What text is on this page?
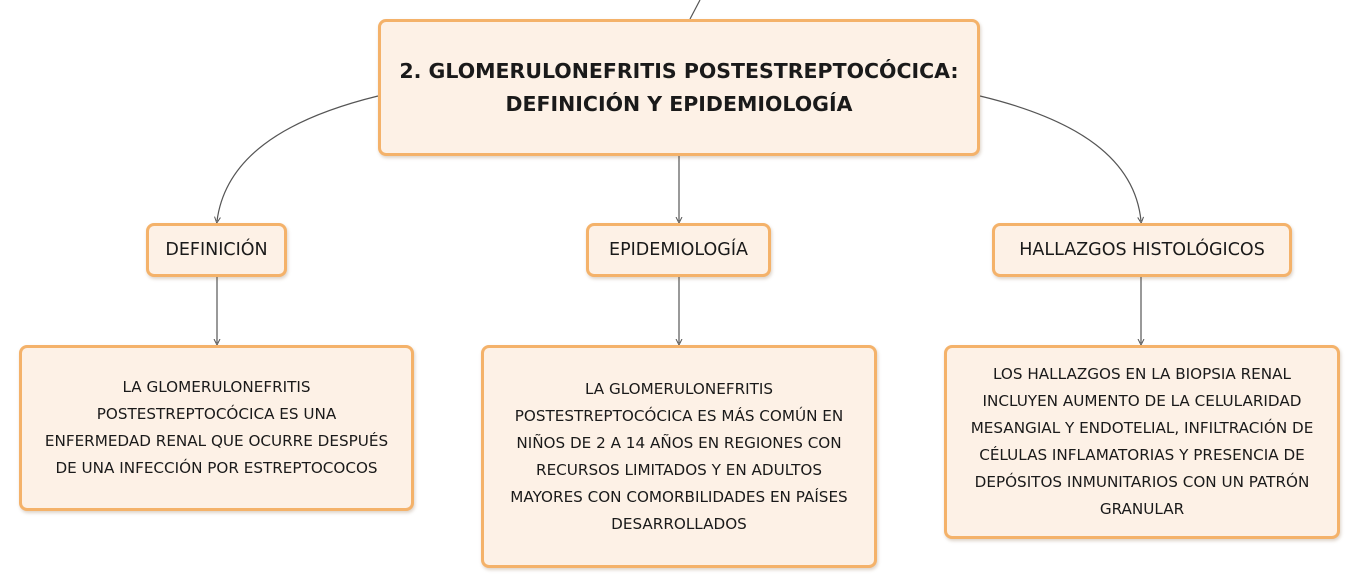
2. GLOMERULONEFRITIS POSTESTREPTOCÓCICA:
DEFINICIÓN Y EPIDEMIOLOGÍA
DEFINICIÓN	EPIDEMIOLOGÍA	HALLAZGOS HISTOLÓGICOS
LA GLOMERULONEFRITIS
POSTESTREPTOCÓCICA ES UNA
ENFERMEDAD RENAL QUE OCURRE DESPUÉS
DE UNA INFECCIÓN POR ESTREPTOCOCOS
LA GLOMERULONEFRITIS
POSTESTREPTOCÓCICA ES MÁS COMÚN EN
NIÑOS DE 2 A 14 AÑOS EN REGIONES CON
RECURSOS LIMITADOS Y EN ADULTOS
MAYORES CON COMORBILIDADES EN PAÍSES
DESARROLLADOS
LOS HALLAZGOS EN LA BIOPSIA RENAL
INCLUYEN AUMENTO DE LA CELULARIDAD
MESANGIAL Y ENDOTELIAL, INFILTRACIÓN DE
CÉLULAS INFLAMATORIAS Y PRESENCIA DE
DEPÓSITOS INMUNITARIOS CON UN PATRÓN
GRANULAR
